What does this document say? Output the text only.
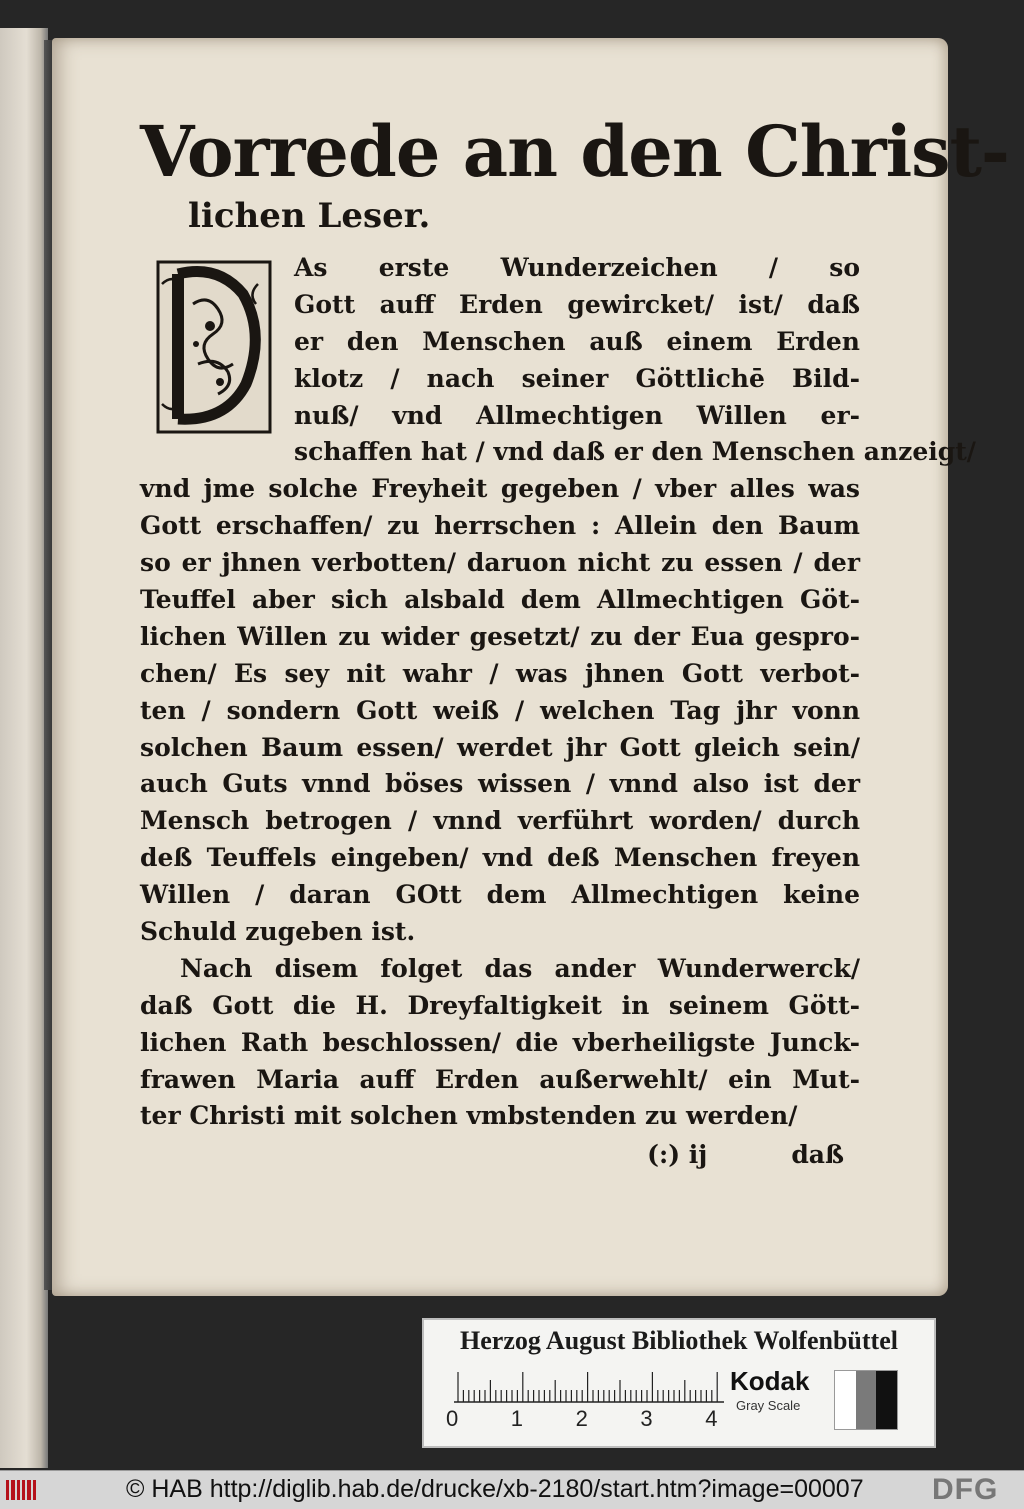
Vorrede an den Christ-
lichen Leser.
As erste Wunderzeichen / so
Gott auff Erden gewircket/ ist/ daß
er den Menschen auß einem Erden
klotz / nach seiner Göttlichē Bild-
nuß/ vnd Allmechtigen Willen er-
schaffen hat / vnd daß er den Menschen anzeigt/
vnd jme solche Freyheit gegeben / vber alles was
Gott erschaffen/ zu herrschen : Allein den Baum
so er jhnen verbotten/ daruon nicht zu essen / der
Teuffel aber sich alsbald dem Allmechtigen Göt-
lichen Willen zu wider gesetzt/ zu der Eua gespro-
chen/ Es sey nit wahr / was jhnen Gott verbot-
ten / sondern Gott weiß / welchen Tag jhr vonn
solchen Baum essen/ werdet jhr Gott gleich sein/
auch Guts vnnd böses wissen / vnnd also ist der
Mensch betrogen / vnnd verführt worden/ durch
deß Teuffels eingeben/ vnd deß Menschen freyen
Willen / daran GOtt dem Allmechtigen keine
Schuld zugeben ist.
Nach disem folget das ander Wunderwerck/
daß Gott die H. Dreyfaltigkeit in seinem Gött-
lichen Rath beschlossen/ die vberheiligste Junck-
frawen Maria auff Erden außerwehlt/ ein Mut-
ter Christi mit solchen vmbstenden zu werden/
(:) ij	daß
Herzog August Bibliothek Wolfenbüttel
0 1 2 3 4
Kodak
Gray Scale
© HAB http://diglib.hab.de/drucke/xb-2180/start.htm?image=00007 DFG
